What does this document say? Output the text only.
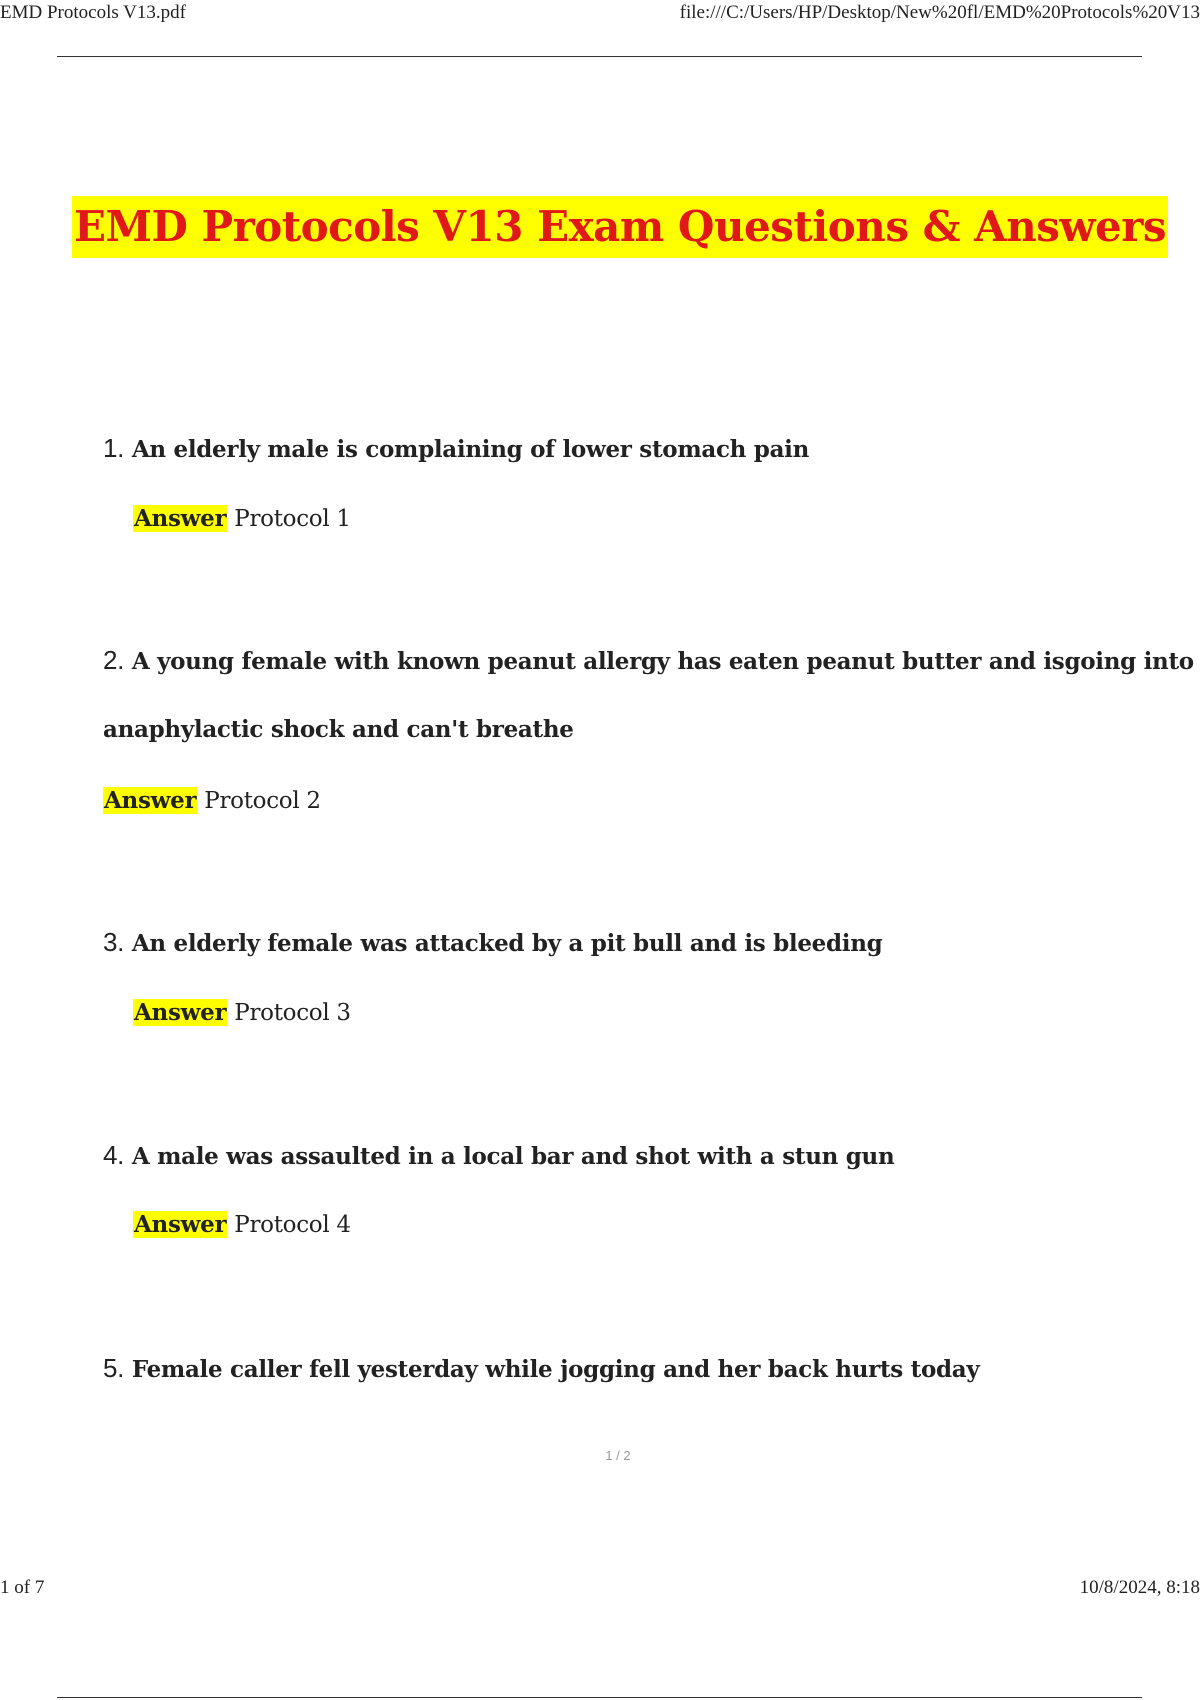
EMD Protocols V13.pdf	file:///C:/Users/HP/Desktop/New%20fl/EMD%20Protocols%20V13
EMD Protocols V13 Exam Questions & Answers
1. An elderly male is complaining of lower stomach pain
Answer Protocol 1
2. A young female with known peanut allergy has eaten peanut butter and isgoing into
anaphylactic shock and can't breathe
Answer Protocol 2
3. An elderly female was attacked by a pit bull and is bleeding
Answer Protocol 3
4. A male was assaulted in a local bar and shot with a stun gun
Answer Protocol 4
5. Female caller fell yesterday while jogging and her back hurts today
1 / 2
1 of 7	10/8/2024, 8:18
